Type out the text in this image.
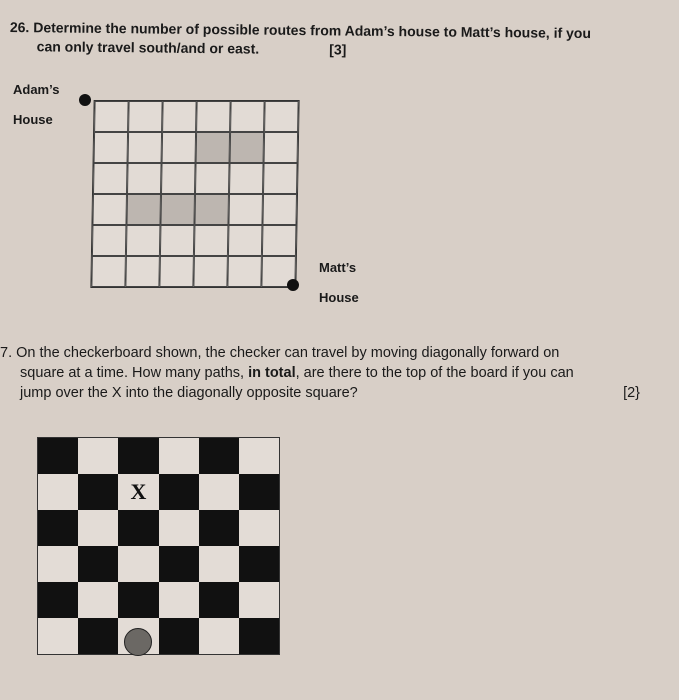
26. Determine the number of possible routes from Adam’s house to Matt’s house, if you
can only travel south/and or east.	[3]
Adam’s
House
Matt’s
House
7. On the checkerboard shown, the checker can travel by moving diagonally forward on
square at a time. How many paths, in total, are there to the top of the board if you can
jump over the X into the diagonally opposite square?	[2}
X
